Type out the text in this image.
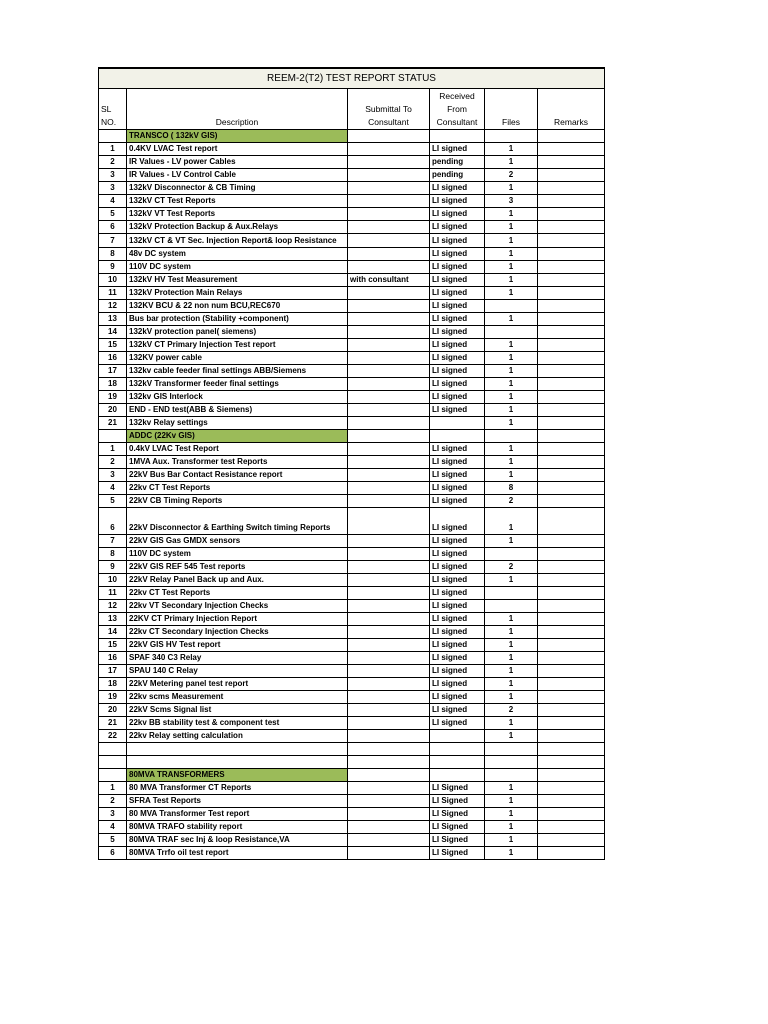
REEM-2(T2) TEST REPORT STATUS					
SL NO.	Description	Submittal To Consultant	Received From Consultant	Files	Remarks
	TRANSCO ( 132kV GIS)				
1	0.4KV LVAC Test report		LI signed	1	
2	IR Values - LV power Cables		pending	1	
3	IR Values - LV Control Cable		pending	2	
3	132kV Disconnector & CB Timing		LI signed	1	
4	132kV CT Test Reports		LI signed	3	
5	132kV VT Test Reports		LI signed	1	
6	132kV Protection Backup & Aux.Relays		LI signed	1	
7	132kV CT & VT Sec. Injection Report& loop Resistance		LI signed	1	
8	48v DC system		LI signed	1	
9	110V DC system		LI signed	1	
10	132kV HV Test Measurement	with consultant	LI signed	1	
11	132kV Protection Main Relays		LI signed	1	
12	132KV BCU & 22 non num BCU,REC670		LI signed		
13	Bus bar protection (Stability +component)		LI signed	1	
14	132kV protection panel( siemens)		LI signed		
15	132kV CT Primary Injection Test report		LI signed	1	
16	132KV power cable		LI signed	1	
17	132kv cable feeder final settings ABB/Siemens		LI signed	1	
18	132kV Transformer feeder final settings		LI signed	1	
19	132kv GIS Interlock		LI signed	1	
20	END - END test(ABB & Siemens)		LI signed	1	
21	132kv Relay settings			1	
	ADDC (22Kv GIS)				
1	0.4kV LVAC Test Report		LI signed	1	
2	1MVA Aux. Transformer test Reports		LI signed	1	
3	22kV Bus Bar Contact Resistance report		LI signed	1	
4	22kv CT Test Reports		LI signed	8	
5	22kV CB Timing Reports		LI signed	2	
6	22kV Disconnector & Earthing Switch timing Reports		LI signed	1	
7	22kV GIS Gas GMDX sensors		LI signed	1	
8	110V DC system		LI signed		
9	22kV GIS REF 545 Test reports		LI signed	2	
10	22kV Relay Panel Back up and Aux.		LI signed	1	
11	22kv CT Test Reports		LI signed		
12	22kv VT Secondary Injection Checks		LI signed		
13	22KV CT Primary Injection Report		LI signed	1	
14	22kv CT Secondary Injection Checks		LI signed	1	
15	22kV GIS HV Test report		LI signed	1	
16	SPAF 340 C3 Relay		LI signed	1	
17	SPAU 140 C Relay		LI signed	1	
18	22kV Metering panel test report		LI signed	1	
19	22kv scms Measurement		LI signed	1	
20	22kV Scms Signal list		LI signed	2	
21	22kv BB stability test & component test		LI signed	1	
22	22kv Relay setting calculation			1	

	80MVA TRANSFORMERS				
1	80 MVA Transformer CT Reports		LI Signed	1	
2	SFRA Test Reports		LI Signed	1	
3	80 MVA Transformer Test report		LI Signed	1	
4	80MVA TRAFO stability report		LI Signed	1	
5	80MVA TRAF sec Inj & loop Resistance,VA		LI Signed	1	
6	80MVA Trrfo oil test report		LI Signed	1	
